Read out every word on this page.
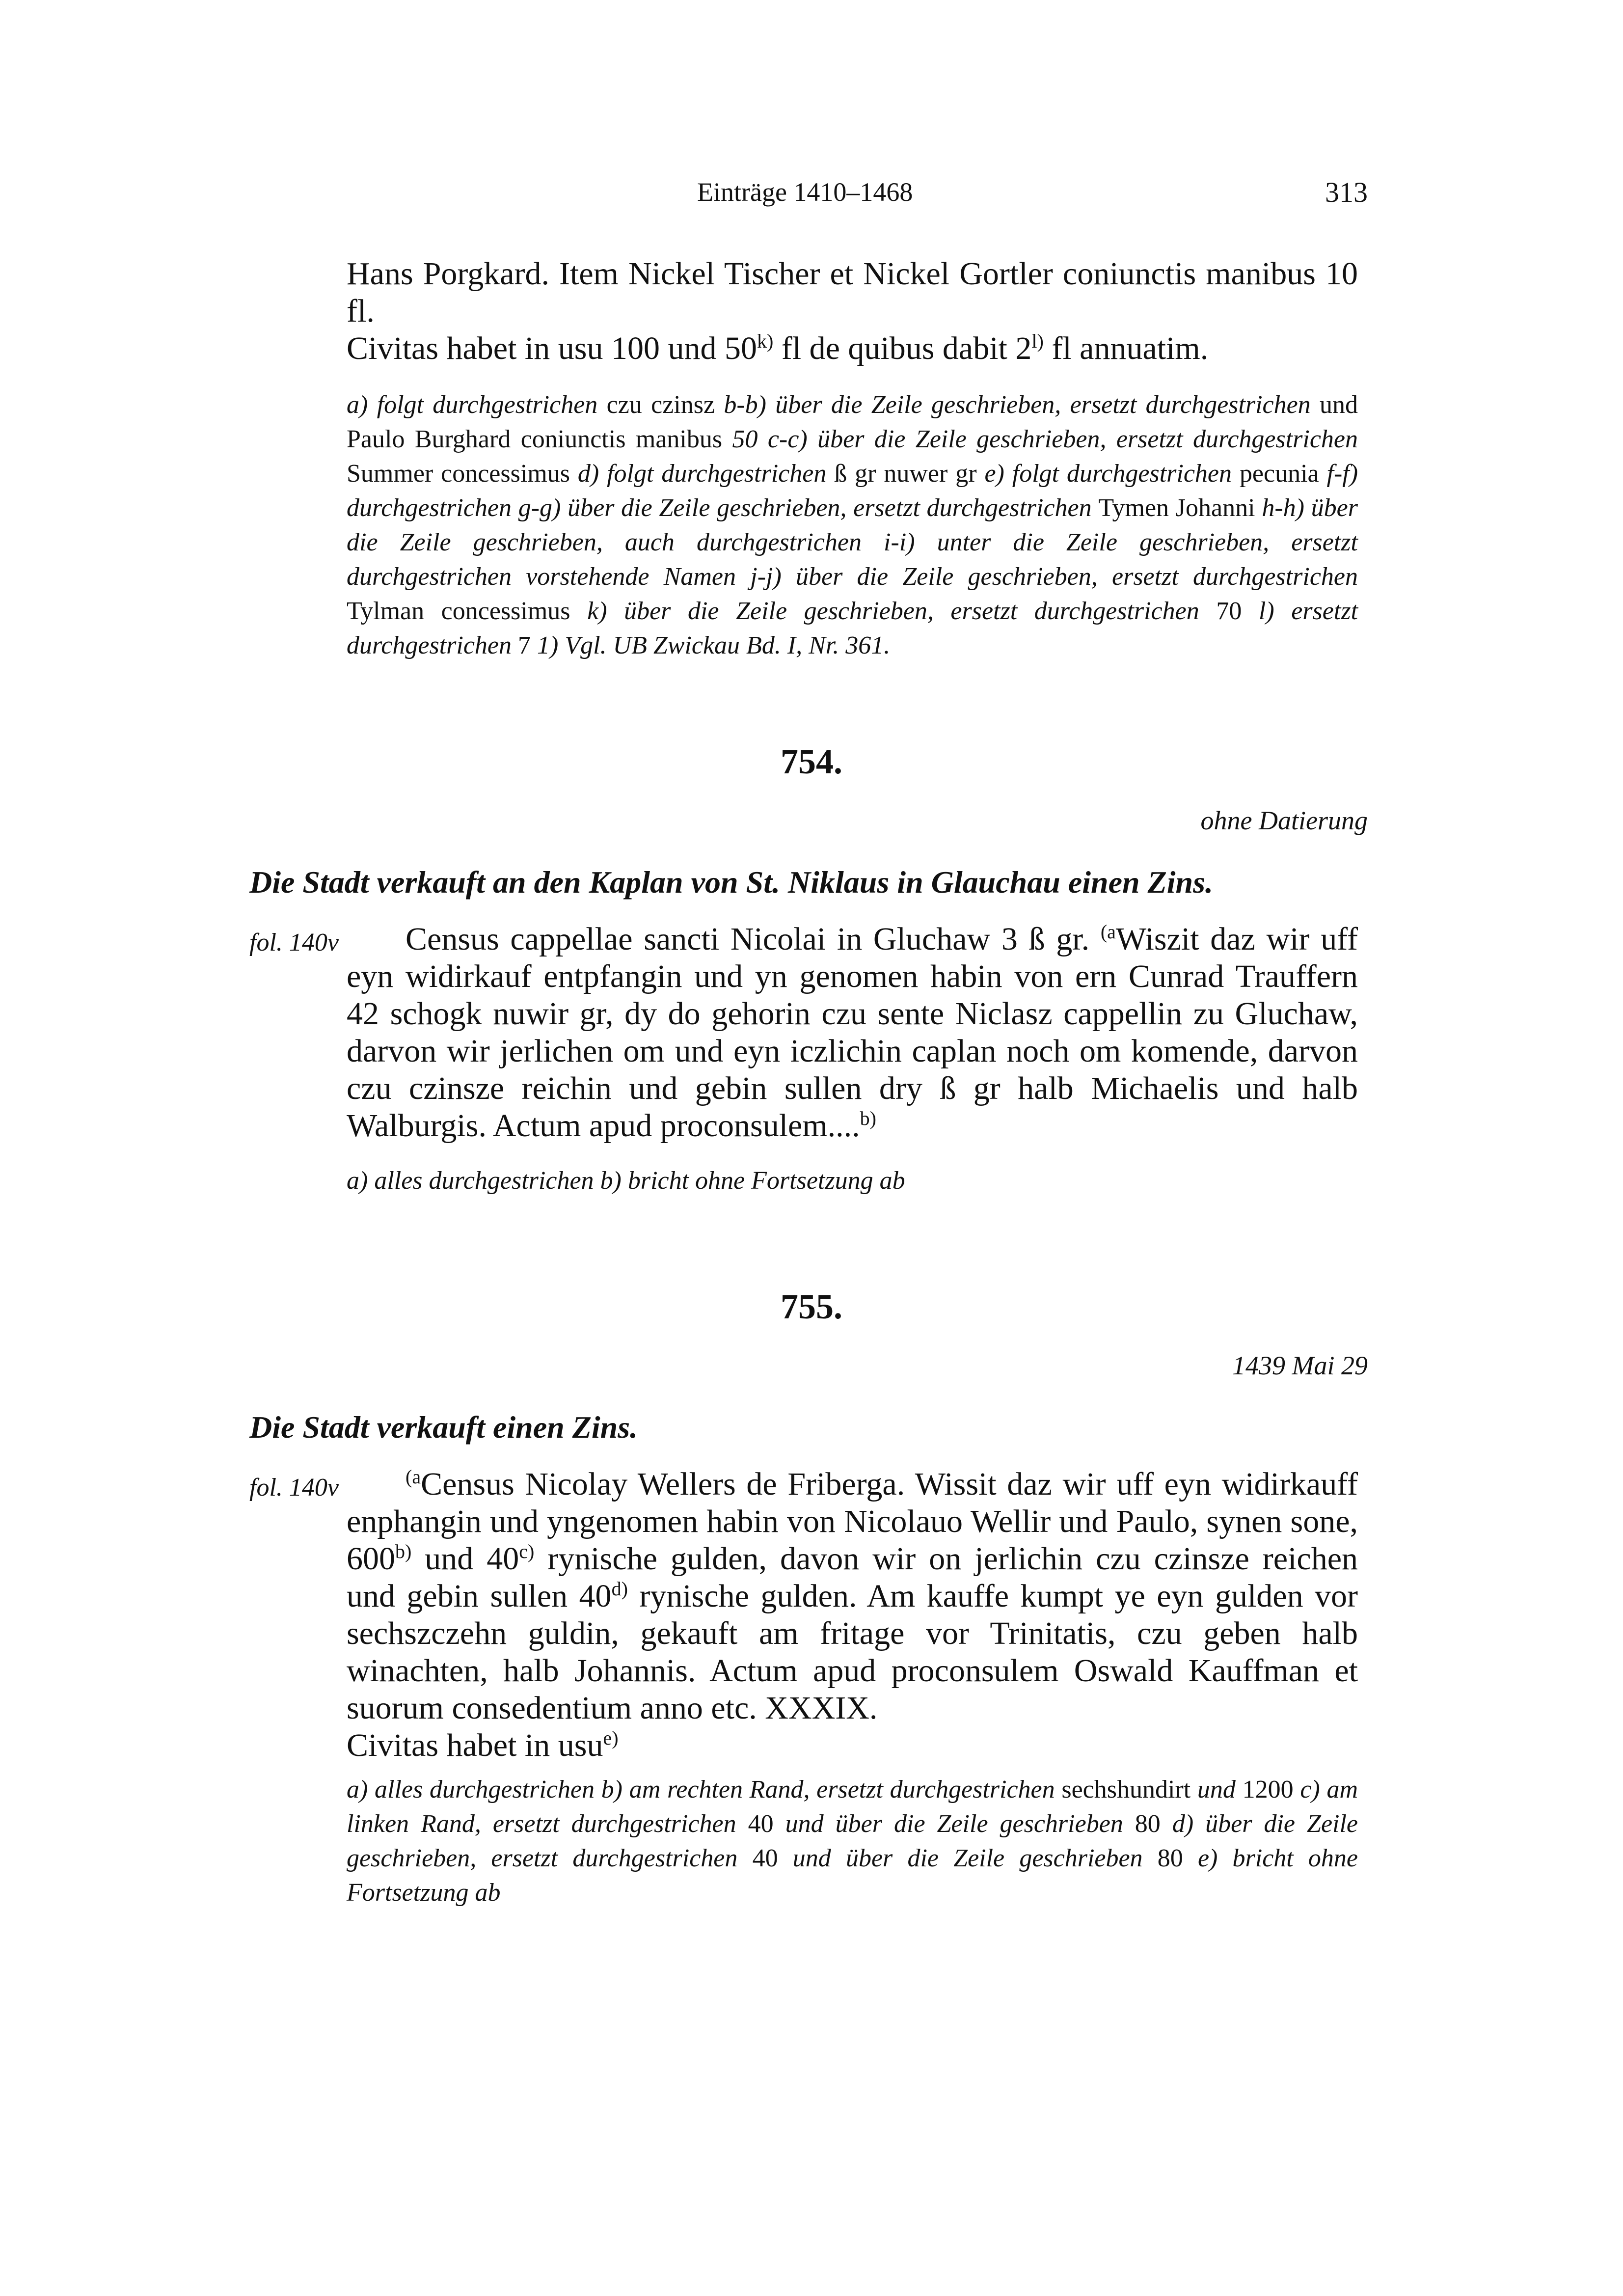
Einträge 1410–1468	313

Hans Porgkard. Item Nickel Tischer et Nickel Gortler coniunctis manibus 10 fl.

Civitas habet in usu 100 und 50$^{k)}$ fl de quibus dabit 2$^{l)}$ fl annuatim.

a) folgt durchgestrichen czu czinsz b-b) über die Zeile geschrieben, ersetzt durchgestrichen und Paulo Burghard coniunctis manibus 50 c-c) über die Zeile geschrieben, ersetzt durchgestrichen Summer concessimus d) folgt durchgestrichen ß gr nuwer gr e) folgt durchgestrichen pecunia f-f) durchgestrichen g-g) über die Zeile geschrieben, ersetzt durchgestrichen Tymen Johanni h-h) über die Zeile geschrieben, auch durchgestrichen i-i) unter die Zeile geschrieben, ersetzt durchgestrichen vorstehende Namen j-j) über die Zeile geschrieben, ersetzt durchgestrichen Tylman concessimus k) über die Zeile geschrieben, ersetzt durchgestrichen 70 l) ersetzt durchgestrichen 7 1) Vgl. UB Zwickau Bd. I, Nr. 361.
754.
ohne Datierung
Die Stadt verkauft an den Kaplan von St. Niklaus in Glauchau einen Zins.
fol. 140v	Census cappellae sancti Nicolai in Gluchaw 3 ß gr. $^{(a}$Wiszit daz wir uff eyn widirkauf entpfangin und yn genomen habin von ern Cunrad Trauffern 42 schogk nuwir gr, dy do gehorin czu sente Niclasz cappellin zu Gluchaw, darvon wir jerlichen om und eyn iczlichin caplan noch om komende, darvon czu czinsze reichin und gebin sullen dry ß gr halb Michaelis und halb Walburgis. Actum apud proconsulem....$^{b)}$

a) alles durchgestrichen b) bricht ohne Fortsetzung ab
755.
1439 Mai 29
Die Stadt verkauft einen Zins.
fol. 140v	$^{(a}$Census Nicolay Wellers de Friberga. Wissit daz wir uff eyn widirkauff enphangin und yngenomen habin von Nicolauo Wellir und Paulo, synen sone, 600$^{b)}$ und 40$^{c)}$ rynische gulden, davon wir on jerlichin czu czinsze reichen und gebin sullen 40$^{d)}$ rynische gulden. Am kauffe kumpt ye eyn gulden vor sechszczehn guldin, gekauft am fritage vor Trinitatis, czu geben halb winachten, halb Johannis. Actum apud proconsulem Oswald Kauffman et suorum consedentium anno etc. XXXIX.

Civitas habet in usu$^{e)}$

a) alles durchgestrichen b) am rechten Rand, ersetzt durchgestrichen sechshundirt und 1200 c) am linken Rand, ersetzt durchgestrichen 40 und über die Zeile geschrieben 80 d) über die Zeile geschrieben, ersetzt durchgestrichen 40 und über die Zeile geschrieben 80 e) bricht ohne Fortsetzung ab
